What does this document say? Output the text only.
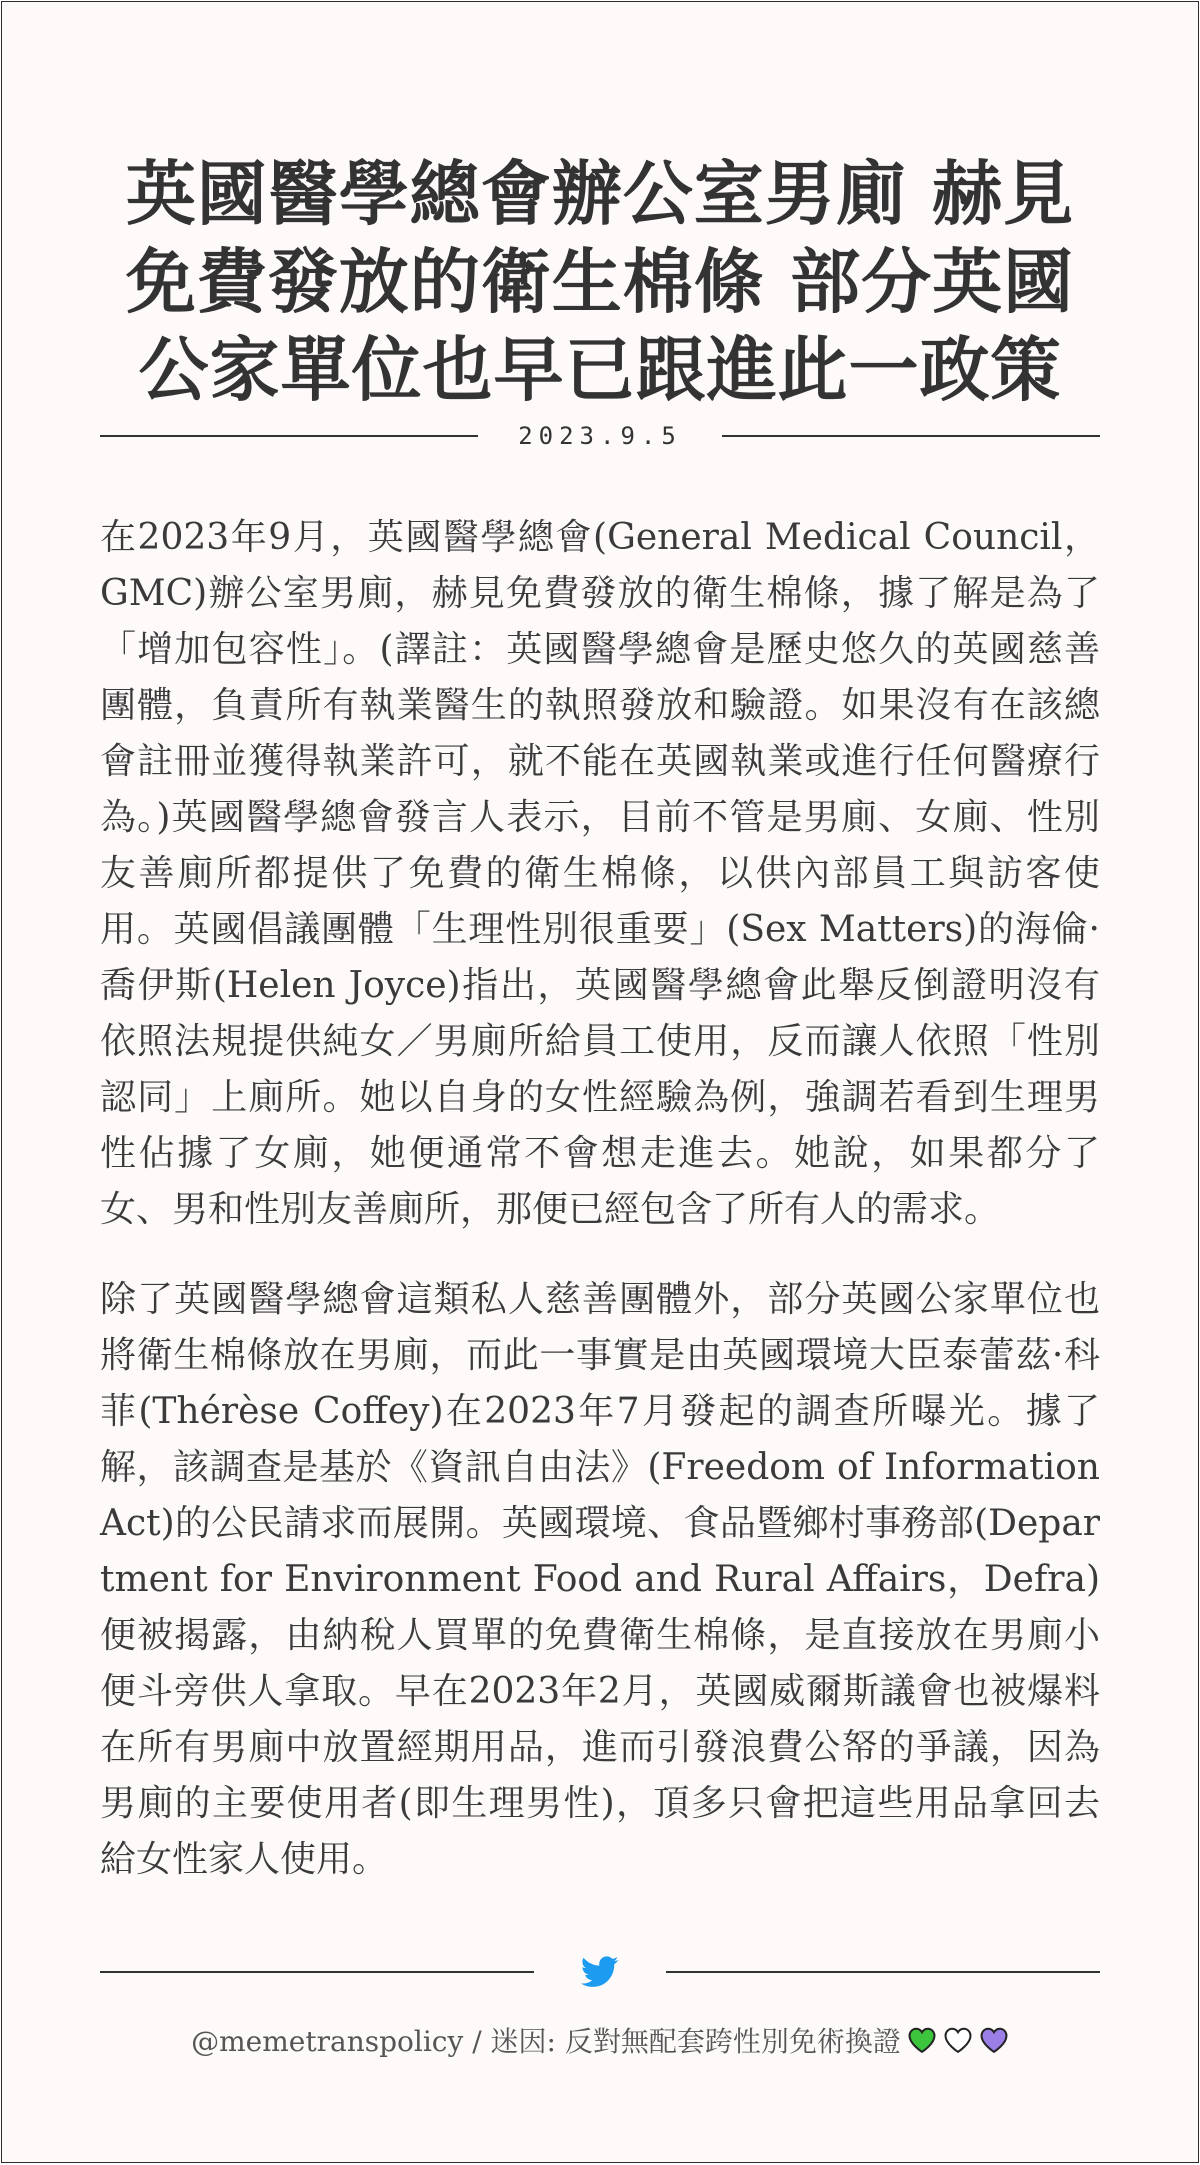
英國醫學總會辦公室男廁 赫見
免費發放的衛生棉條 部分英國
公家單位也早已跟進此一政策
2023.9.5

在2023年9月，英國醫學總會(General Medical Council，GMC)辦公室男廁，赫見免費發放的衛生棉條，據了解是為了「增加包容性」。(譯註：英國醫學總會是歷史悠久的英國慈善團體，負責所有執業醫生的執照發放和驗證。如果沒有在該總會註冊並獲得執業許可，就不能在英國執業或進行任何醫療行為。)英國醫學總會發言人表示，目前不管是男廁、女廁、性別友善廁所都提供了免費的衛生棉條，以供內部員工與訪客使用。英國倡議團體「生理性別很重要」(Sex Matters)的海倫·喬伊斯(Helen Joyce)指出，英國醫學總會此舉反倒證明沒有依照法規提供純女／男廁所給員工使用，反而讓人依照「性別認同」上廁所。她以自身的女性經驗為例，強調若看到生理男性佔據了女廁，她便通常不會想走進去。她說，如果都分了女、男和性別友善廁所，那便已經包含了所有人的需求。

除了英國醫學總會這類私人慈善團體外，部分英國公家單位也將衛生棉條放在男廁，而此一事實是由英國環境大臣泰蕾茲·科菲(Thérèse Coffey)在2023年7月發起的調查所曝光。據了解，該調查是基於《資訊自由法》(Freedom of Information Act)的公民請求而展開。英國環境、食品暨鄉村事務部(Department for Environment Food and Rural Affairs，Defra)便被揭露，由納稅人買單的免費衛生棉條，是直接放在男廁小便斗旁供人拿取。早在2023年2月，英國威爾斯議會也被爆料在所有男廁中放置經期用品，進而引發浪費公帑的爭議，因為男廁的主要使用者(即生理男性)，頂多只會把這些用品拿回去給女性家人使用。

@memetranspolicy / 迷因: 反對無配套跨性別免術換證
